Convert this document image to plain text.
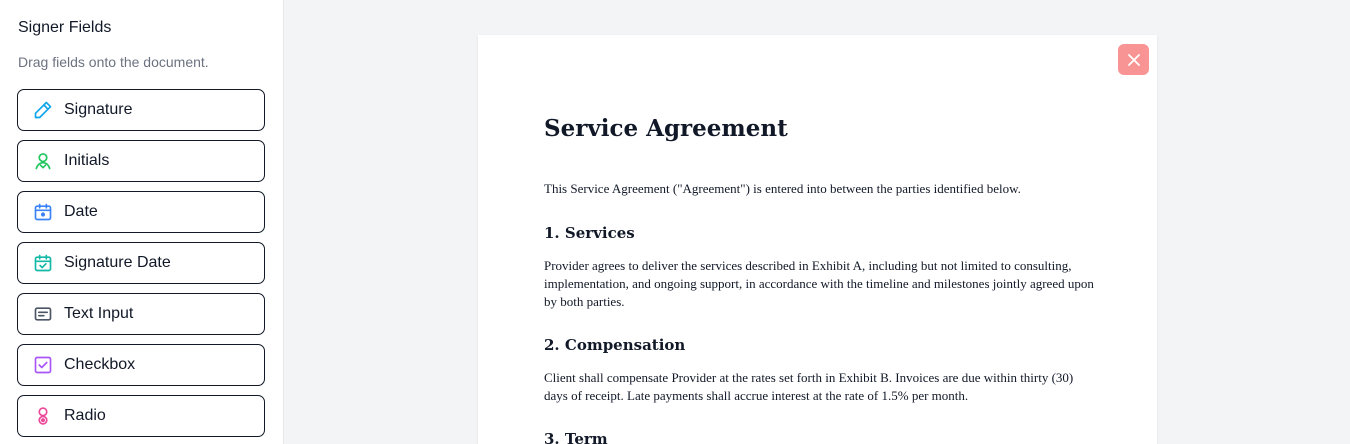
Signer Fields
Drag fields onto the document.
Signature
Initials
Date
Signature Date
Text Input
Checkbox
Radio
Service Agreement
This Service Agreement ("Agreement") is entered into between the parties identified below.
1. Services
Provider agrees to deliver the services described in Exhibit A, including but not limited to consulting, implementation, and ongoing support, in accordance with the timeline and milestones jointly agreed upon by both parties.
2. Compensation
Client shall compensate Provider at the rates set forth in Exhibit B. Invoices are due within thirty (30) days of receipt. Late payments shall accrue interest at the rate of 1.5% per month.
3. Term
